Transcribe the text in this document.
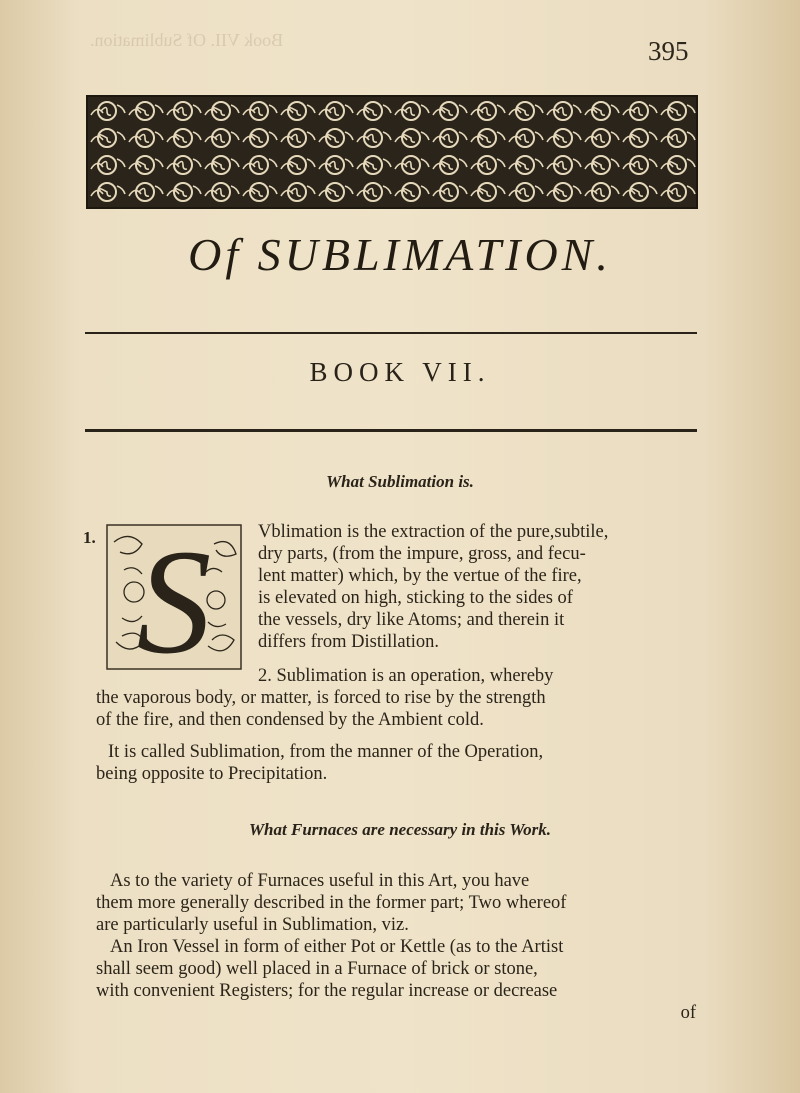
Book VII. Of Sublimation.	395
Of SUBLIMATION.
BOOK VII.
What Sublimation is.
1. S	Vblimation is the extraction of the pure,subtile,

dry parts, (from the impure, gross, and fecu-

lent matter) which, by the vertue of the fire,

is elevated on high, sticking to the sides of

the vessels, dry like Atoms; and therein it

differs from Distillation.

2. Sublimation is an operation, whereby

the vaporous body, or matter, is forced to rise by the strength

of the fire, and then condensed by the Ambient cold.

It is called Sublimation, from the manner of the Operation,

being opposite to Precipitation.

What Furnaces are necessary in this Work.

As to the variety of Furnaces useful in this Art, you have

them more generally described in the former part; Two whereof

are particularly useful in Sublimation, viz.

An Iron Vessel in form of either Pot or Kettle (as to the Artist

shall seem good) well placed in a Furnace of brick or stone,

with convenient Registers; for the regular increase or decrease

of
